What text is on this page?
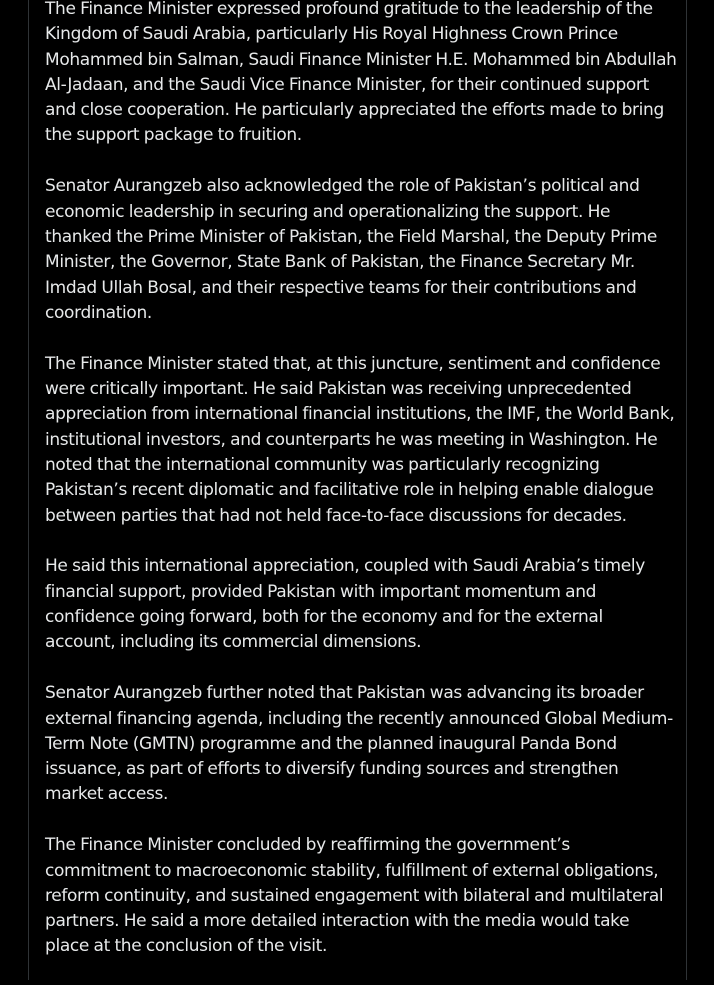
The Finance Minister expressed profound gratitude to the leadership of the Kingdom of Saudi Arabia, particularly His Royal Highness Crown Prince Mohammed bin Salman, Saudi Finance Minister H.E. Mohammed bin Abdullah Al-Jadaan, and the Saudi Vice Finance Minister, for their continued support and close cooperation. He particularly appreciated the efforts made to bring the support package to fruition.

Senator Aurangzeb also acknowledged the role of Pakistan’s political and economic leadership in securing and operationalizing the support. He thanked the Prime Minister of Pakistan, the Field Marshal, the Deputy Prime Minister, the Governor, State Bank of Pakistan, the Finance Secretary Mr. Imdad Ullah Bosal, and their respective teams for their contributions and coordination.

The Finance Minister stated that, at this juncture, sentiment and confidence were critically important. He said Pakistan was receiving unprecedented appreciation from international financial institutions, the IMF, the World Bank, institutional investors, and counterparts he was meeting in Washington. He noted that the international community was particularly recognizing Pakistan’s recent diplomatic and facilitative role in helping enable dialogue between parties that had not held face-to-face discussions for decades.

He said this international appreciation, coupled with Saudi Arabia’s timely financial support, provided Pakistan with important momentum and confidence going forward, both for the economy and for the external account, including its commercial dimensions.

Senator Aurangzeb further noted that Pakistan was advancing its broader external financing agenda, including the recently announced Global Medium-Term Note (GMTN) programme and the planned inaugural Panda Bond issuance, as part of efforts to diversify funding sources and strengthen market access.

The Finance Minister concluded by reaffirming the government’s commitment to macroeconomic stability, fulfillment of external obligations, reform continuity, and sustained engagement with bilateral and multilateral partners. He said a more detailed interaction with the media would take place at the conclusion of the visit.
